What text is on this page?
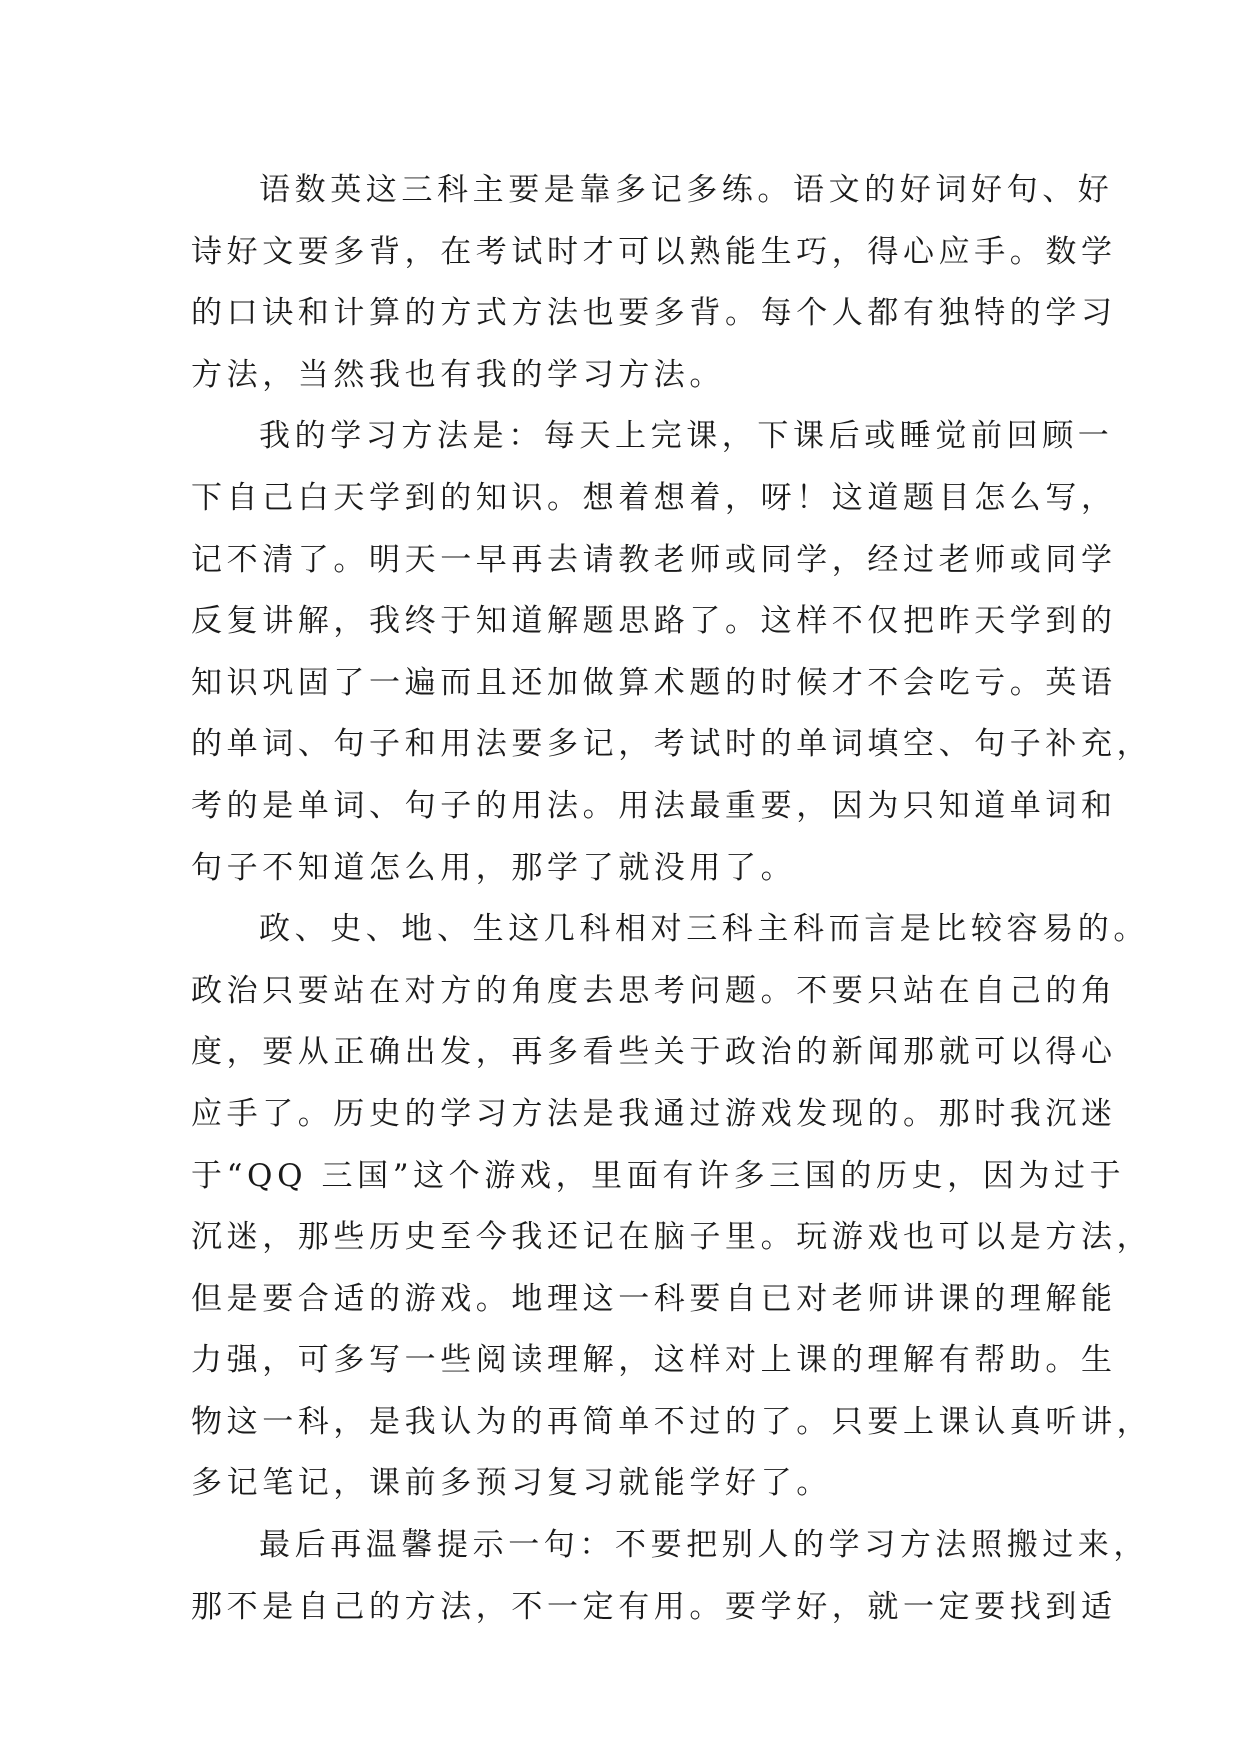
语数英这三科主要是靠多记多练。语文的好词好句、好
诗好文要多背，在考试时才可以熟能生巧，得心应手。数学
的口诀和计算的方式方法也要多背。每个人都有独特的学习
方法，当然我也有我的学习方法。
我的学习方法是：每天上完课，下课后或睡觉前回顾一
下自己白天学到的知识。想着想着，呀！这道题目怎么写，
记不清了。明天一早再去请教老师或同学，经过老师或同学
反复讲解，我终于知道解题思路了。这样不仅把昨天学到的
知识巩固了一遍而且还加做算术题的时候才不会吃亏。英语
的单词、句子和用法要多记，考试时的单词填空、句子补充，
考的是单词、句子的用法。用法最重要，因为只知道单词和
句子不知道怎么用，那学了就没用了。
政、史、地、生这几科相对三科主科而言是比较容易的。
政治只要站在对方的角度去思考问题。不要只站在自己的角
度，要从正确出发，再多看些关于政治的新闻那就可以得心
应手了。历史的学习方法是我通过游戏发现的。那时我沉迷
于“QQ 三国”这个游戏，里面有许多三国的历史，因为过于
沉迷，那些历史至今我还记在脑子里。玩游戏也可以是方法，
但是要合适的游戏。地理这一科要自已对老师讲课的理解能
力强，可多写一些阅读理解，这样对上课的理解有帮助。生
物这一科，是我认为的再简单不过的了。只要上课认真听讲，
多记笔记，课前多预习复习就能学好了。
最后再温馨提示一句：不要把别人的学习方法照搬过来，
那不是自己的方法，不一定有用。要学好，就一定要找到适
